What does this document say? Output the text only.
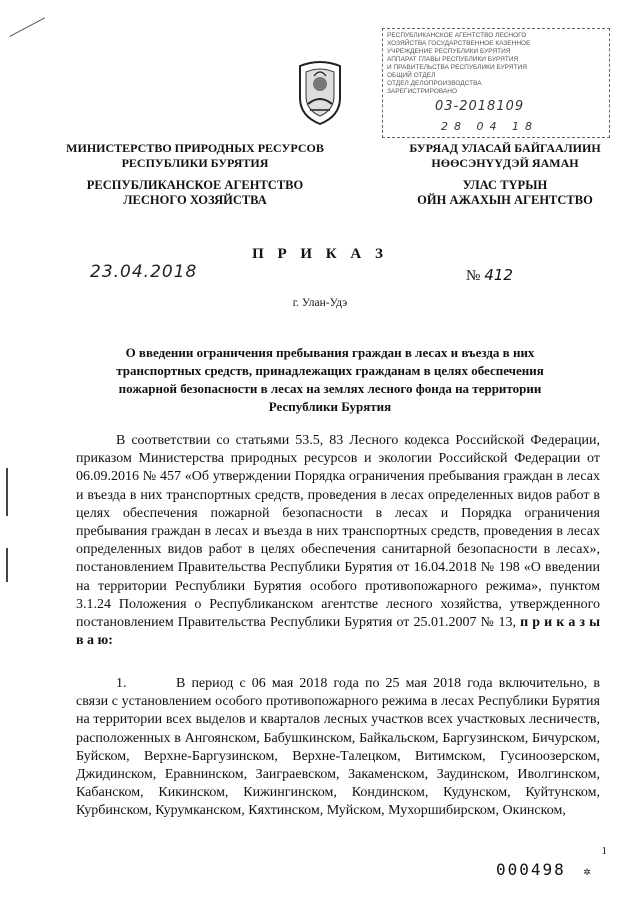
РЕСПУБЛИКАНСКОЕ АГЕНТСТВО ЛЕСНОГО
ХОЗЯЙСТВА ГОСУДАРСТВЕННОЕ КАЗЕННОЕ
УЧРЕЖДЕНИЕ РЕСПУБЛИКИ БУРЯТИЯ
АППАРАТ ГЛАВЫ РЕСПУБЛИКИ БУРЯТИЯ
И ПРАВИТЕЛЬСТВА РЕСПУБЛИКИ БУРЯТИЯ
ОБЩИЙ ОТДЕЛ
ОТДЕЛ ДЕЛОПРОИЗВОДСТВА
ЗАРЕГИСТРИРОВАНО
03-2018109
28 04 18
МИНИСТЕРСТВО ПРИРОДНЫХ РЕСУРСОВ
РЕСПУБЛИКИ БУРЯТИЯ
РЕСПУБЛИКАНСКОЕ АГЕНТСТВО
ЛЕСНОГО ХОЗЯЙСТВА
БУРЯАД УЛАСАЙ БАЙГААЛИИН
НӨӨСЭНҮҮДЭЙ ЯАМАН
УЛАС ТҮРЫН
ОЙН АЖАХЫН АГЕНТСТВО
П Р И К А З
23.04.2018	№ 412
г. Улан-Удэ
О введении ограничения пребывания граждан в лесах и въезда в них транспортных средств, принадлежащих гражданам в целях обеспечения пожарной безопасности в лесах на землях лесного фонда на территории Республики Бурятия
В соответствии со статьями 53.5, 83 Лесного кодекса Российской Федерации, приказом Министерства природных ресурсов и экологии Российской Федерации от 06.09.2016 № 457 «Об утверждении Порядка ограничения пребывания граждан в лесах и въезда в них транспортных средств, проведения в лесах определенных видов работ в целях обеспечения пожарной безопасности в лесах и Порядка ограничения пребывания граждан в лесах и въезда в них транспортных средств, проведения в лесах определенных видов работ в целях обеспечения санитарной безопасности в лесах», постановлением Правительства Республики Бурятия от 16.04.2018 № 198 «О введении на территории Республики Бурятия особого противопожарного режима», пунктом 3.1.24 Положения о Республиканском агентстве лесного хозяйства, утвержденного постановлением Правительства Республики Бурятия от 25.01.2007 № 13, п р и к а з ы в а ю:
1.	В период с 06 мая 2018 года по 25 мая 2018 года включительно, в связи с установлением особого противопожарного режима в лесах Республики Бурятия на территории всех выделов и кварталов лесных участков всех участковых лесничеств, расположенных в Ангоянском, Бабушкинском, Байкальском, Баргузинском, Бичурском, Буйском, Верхне-Баргузинском, Верхне-Талецком, Витимском, Гусиноозерском, Джидинском, Еравнинском, Заиграевском, Закаменском, Заудинском, Иволгинском, Кабанском, Кикинском, Кижингинском, Кондинском, Кудунском, Куйтунском, Курбинском, Курумканском, Кяхтинском, Муйском, Мухоршибирском, Окинском,
1
000498 ✲
